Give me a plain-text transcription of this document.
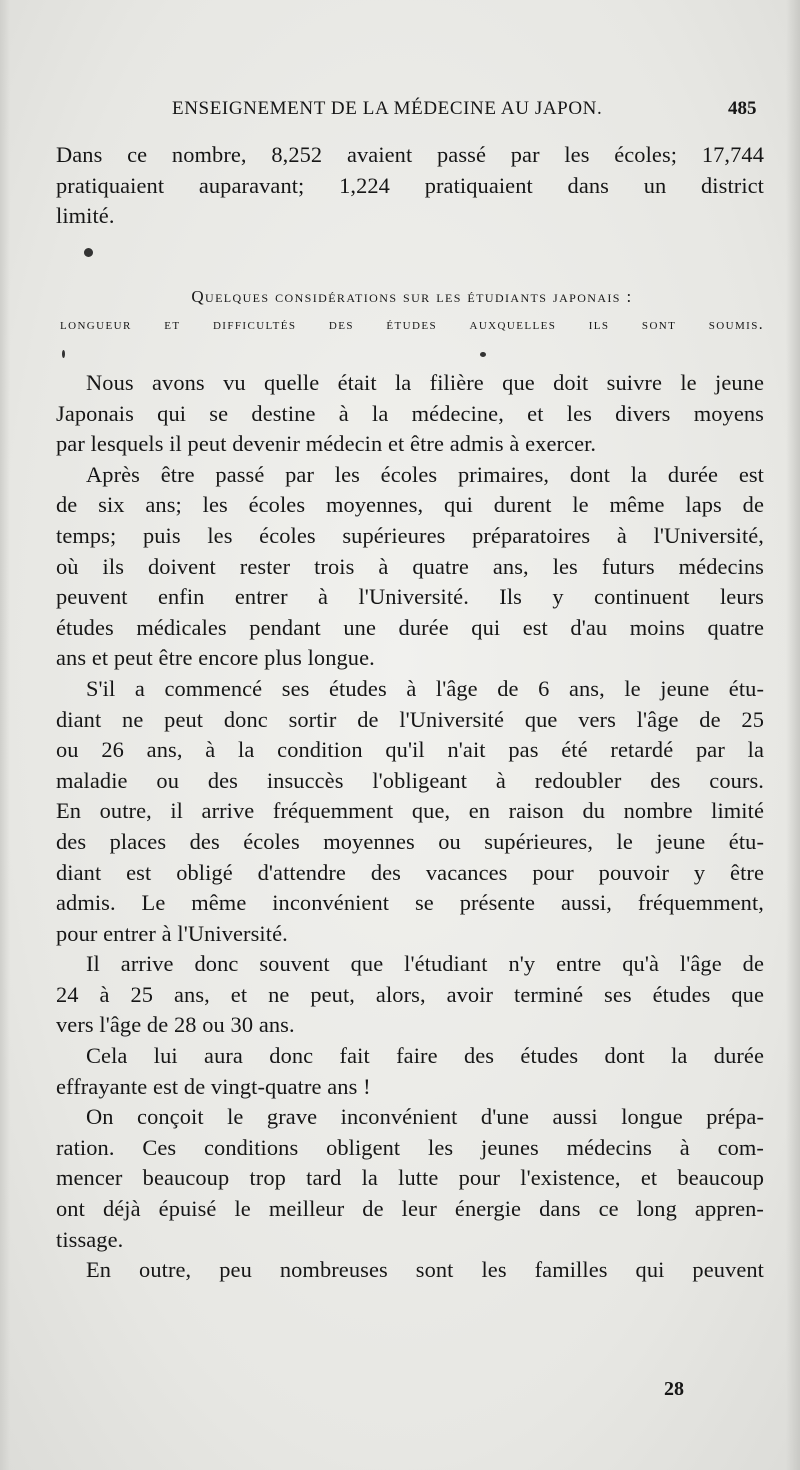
ENSEIGNEMENT DE LA MÉDECINE AU JAPON.	485
Dans ce nombre, 8,252 avaient passé par les écoles; 17,744
pratiquaient auparavant; 1,224 pratiquaient dans un district
limité.
Quelques considérations sur les étudiants japonais :
longueur et difficultés des études auxquelles ils sont soumis.
Nous avons vu quelle était la filière que doit suivre le jeune
Japonais qui se destine à la médecine, et les divers moyens
par lesquels il peut devenir médecin et être admis à exercer.
Après être passé par les écoles primaires, dont la durée est
de six ans; les écoles moyennes, qui durent le même laps de
temps; puis les écoles supérieures préparatoires à l'Université,
où ils doivent rester trois à quatre ans, les futurs médecins
peuvent enfin entrer à l'Université. Ils y continuent leurs
études médicales pendant une durée qui est d'au moins quatre
ans et peut être encore plus longue.
S'il a commencé ses études à l'âge de 6 ans, le jeune étu-
diant ne peut donc sortir de l'Université que vers l'âge de 25
ou 26 ans, à la condition qu'il n'ait pas été retardé par la
maladie ou des insuccès l'obligeant à redoubler des cours.
En outre, il arrive fréquemment que, en raison du nombre limité
des places des écoles moyennes ou supérieures, le jeune étu-
diant est obligé d'attendre des vacances pour pouvoir y être
admis. Le même inconvénient se présente aussi, fréquemment,
pour entrer à l'Université.
Il arrive donc souvent que l'étudiant n'y entre qu'à l'âge de
24 à 25 ans, et ne peut, alors, avoir terminé ses études que
vers l'âge de 28 ou 30 ans.
Cela lui aura donc fait faire des études dont la durée
effrayante est de vingt-quatre ans !
On conçoit le grave inconvénient d'une aussi longue prépa-
ration. Ces conditions obligent les jeunes médecins à com-
mencer beaucoup trop tard la lutte pour l'existence, et beaucoup
ont déjà épuisé le meilleur de leur énergie dans ce long appren-
tissage.
En outre, peu nombreuses sont les familles qui peuvent
28
